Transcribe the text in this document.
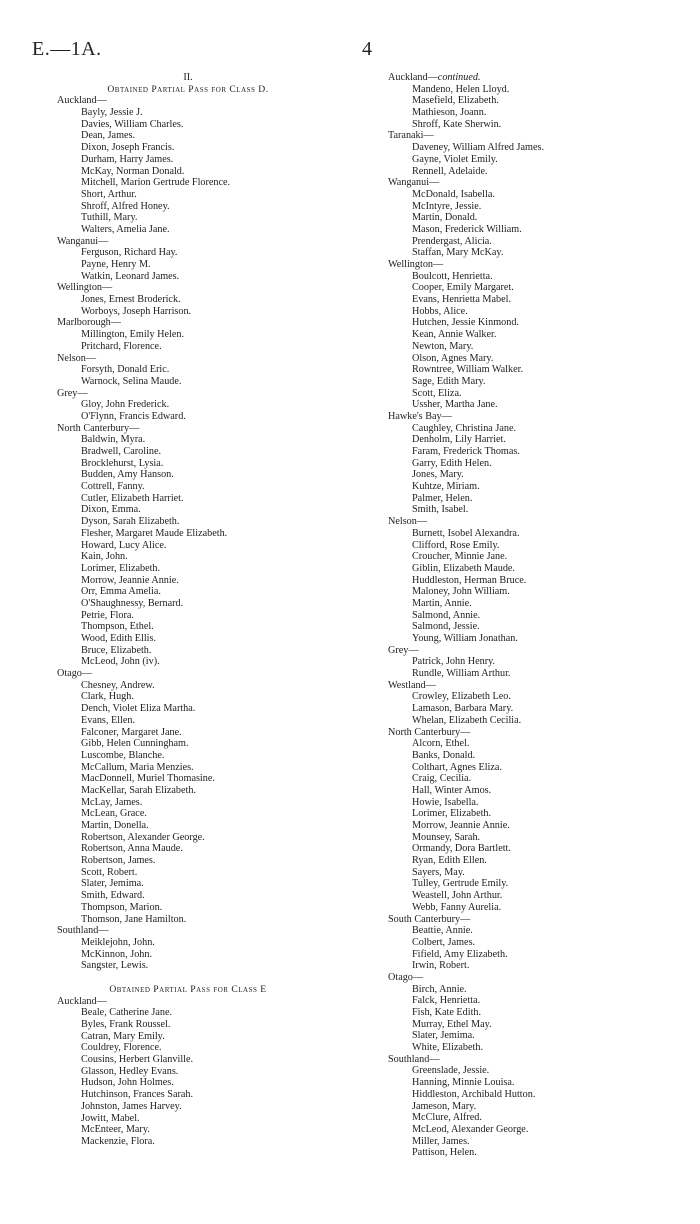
E.—1A.	4
II.
Obtained Partial Pass for Class D.
Auckland—
Bayly, Jessie J.
Davies, William Charles.
Dean, James.
Dixon, Joseph Francis.
Durham, Harry James.
McKay, Norman Donald.
Mitchell, Marion Gertrude Florence.
Short, Arthur.
Shroff, Alfred Honey.
Tuthill, Mary.
Walters, Amelia Jane.
Wanganui—
Ferguson, Richard Hay.
Payne, Henry M.
Watkin, Leonard James.
Wellington—
Jones, Ernest Broderick.
Worboys, Joseph Harrison.
Marlborough—
Millington, Emily Helen.
Pritchard, Florence.
Nelson—
Forsyth, Donald Eric.
Warnock, Selina Maude.
Grey—
Gloy, John Frederick.
O'Flynn, Francis Edward.
North Canterbury—
Baldwin, Myra.
Bradwell, Caroline.
Brocklehurst, Lysia.
Budden, Amy Hanson.
Cottrell, Fanny.
Cutler, Elizabeth Harriet.
Dixon, Emma.
Dyson, Sarah Elizabeth.
Flesher, Margaret Maude Elizabeth.
Howard, Lucy Alice.
Kain, John.
Lorimer, Elizabeth.
Morrow, Jeannie Annie.
Orr, Emma Amelia.
O'Shaughnessy, Bernard.
Petrie, Flora.
Thompson, Ethel.
Wood, Edith Ellis.
Bruce, Elizabeth.
McLeod, John (iv).
Otago—
Chesney, Andrew.
Clark, Hugh.
Dench, Violet Eliza Martha.
Evans, Ellen.
Falconer, Margaret Jane.
Gibb, Helen Cunningham.
Luscombe, Blanche.
McCallum, Maria Menzies.
MacDonnell, Muriel Thomasine.
MacKellar, Sarah Elizabeth.
McLay, James.
McLean, Grace.
Martin, Donella.
Robertson, Alexander George.
Robertson, Anna Maude.
Robertson, James.
Scott, Robert.
Slater, Jemima.
Smith, Edward.
Thompson, Marion.
Thomson, Jane Hamilton.
Southland—
Meiklejohn, John.
McKinnon, John.
Sangster, Lewis.
Obtained Partial Pass for Class E
Auckland—
Beale, Catherine Jane.
Byles, Frank Roussel.
Catran, Mary Emily.
Couldrey, Florence.
Cousins, Herbert Glanville.
Glasson, Hedley Evans.
Hudson, John Holmes.
Hutchinson, Frances Sarah.
Johnston, James Harvey.
Jowitt, Mabel.
McEnteer, Mary.
Mackenzie, Flora.
Auckland—continued.
Mandeno, Helen Lloyd.
Masefield, Elizabeth.
Mathieson, Joann.
Shroff, Kate Sherwin.
Taranaki—
Daveney, William Alfred James.
Gayne, Violet Emily.
Rennell, Adelaide.
Wanganui—
McDonald, Isabella.
McIntyre, Jessie.
Martin, Donald.
Mason, Frederick William.
Prendergast, Alicia.
Staffan, Mary McKay.
Wellington—
Boulcott, Henrietta.
Cooper, Emily Margaret.
Evans, Henrietta Mabel.
Hobbs, Alice.
Hutchen, Jessie Kinmond.
Kean, Annie Walker.
Newton, Mary.
Olson, Agnes Mary.
Rowntree, William Walker.
Sage, Edith Mary.
Scott, Eliza.
Ussher, Martha Jane.
Hawke's Bay—
Caughley, Christina Jane.
Denholm, Lily Harriet.
Faram, Frederick Thomas.
Garry, Edith Helen.
Jones, Mary.
Kuhtze, Miriam.
Palmer, Helen.
Smith, Isabel.
Nelson—
Burnett, Isobel Alexandra.
Clifford, Rose Emily.
Croucher, Minnie Jane.
Giblin, Elizabeth Maude.
Huddleston, Herman Bruce.
Maloney, John William.
Martin, Annie.
Salmond, Annie.
Salmond, Jessie.
Young, William Jonathan.
Grey—
Patrick, John Henry.
Rundle, William Arthur.
Westland—
Crowley, Elizabeth Leo.
Lamason, Barbara Mary.
Whelan, Elizabeth Cecilia.
North Canterbury—
Alcorn, Ethel.
Banks, Donald.
Colthart, Agnes Eliza.
Craig, Cecilia.
Hall, Winter Amos.
Howie, Isabella.
Lorimer, Elizabeth.
Morrow, Jeannie Annie.
Mounsey, Sarah.
Ormandy, Dora Bartlett.
Ryan, Edith Ellen.
Sayers, May.
Tulley, Gertrude Emily.
Weastell, John Arthur.
Webb, Fanny Aurelia.
South Canterbury—
Beattie, Annie.
Colbert, James.
Fifield, Amy Elizabeth.
Irwin, Robert.
Otago—
Birch, Annie.
Falck, Henrietta.
Fish, Kate Edith.
Murray, Ethel May.
Slater, Jemima.
White, Elizabeth.
Southland—
Greenslade, Jessie.
Hanning, Minnie Louisa.
Hiddleston, Archibald Hutton.
Jameson, Mary.
McClure, Alfred.
McLeod, Alexander George.
Miller, James.
Pattison, Helen.
